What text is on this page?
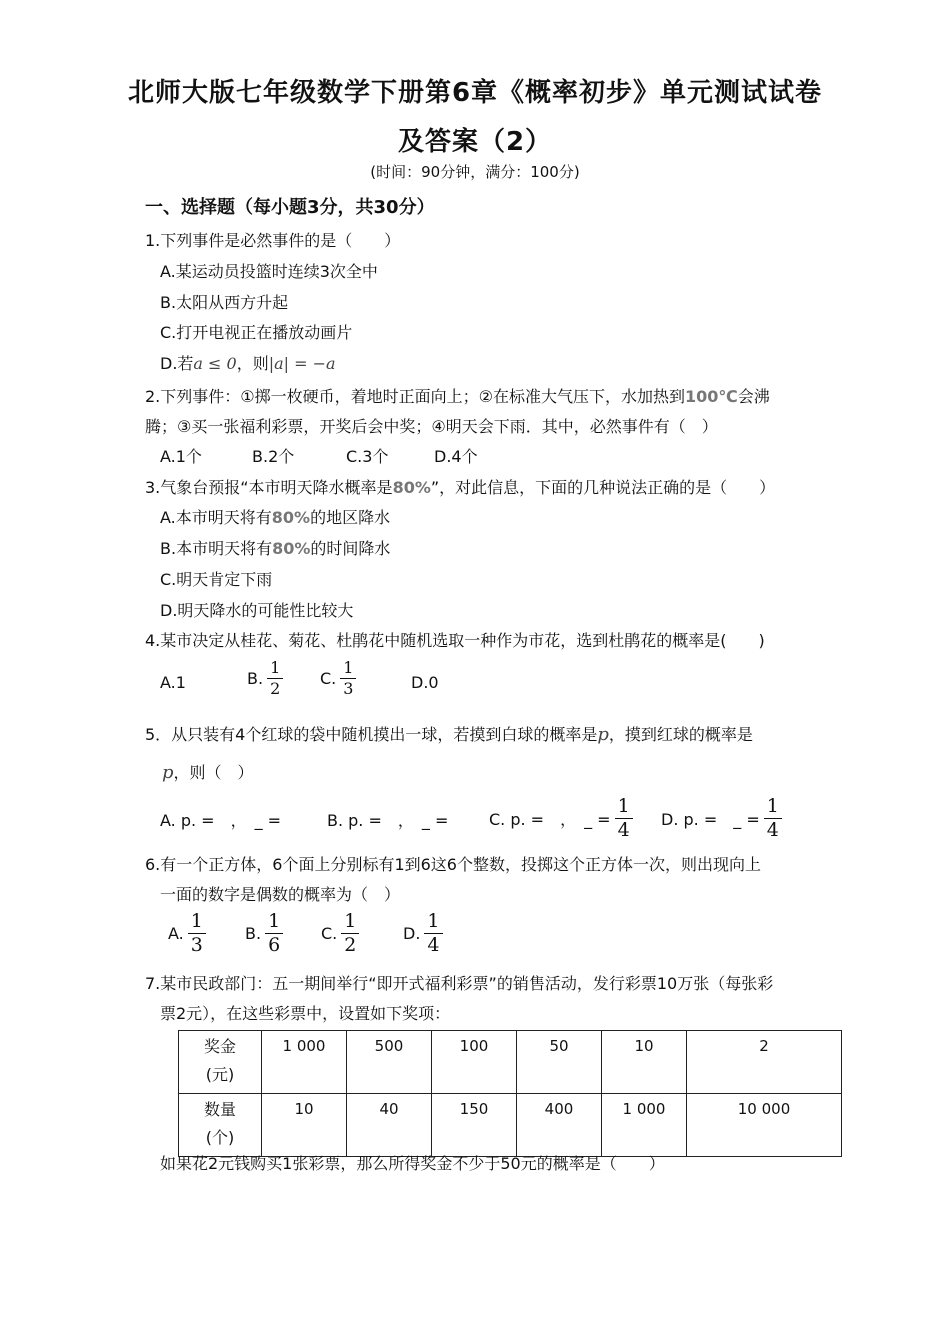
北师大版七年级数学下册第6章《概率初步》单元测试试卷
及答案（2）
(时间：90分钟，满分：100分)
一、选择题（每小题3分，共30分）
1.下列事件是必然事件的是（　　）
A.某运动员投篮时连续3次全中
B.太阳从西方升起
C.打开电视正在播放动画片
D.若a ≤ 0，则|a| = −a
2.下列事件：①掷一枚硬币，着地时正面向上；②在标准大气压下，水加热到100℃会沸
腾；③买一张福利彩票，开奖后会中奖；④明天会下雨．其中，必然事件有（　）
A.1个	B.2个	C.3个	D.4个
3.气象台预报“本市明天降水概率是80%”，对此信息，下面的几种说法正确的是（　　）
A.本市明天将有80%的地区降水
B.本市明天将有80%的时间降水
C.明天肯定下雨
D.明天降水的可能性比较大
4.某市决定从桂花、菊花、杜鹃花中随机选取一种作为市花，选到杜鹃花的概率是(　　)
A.1	B. $\frac{1}{2} C$. $\frac{1}{3}$	D.0
5．从只装有4个红球的袋中随机摸出一球，若摸到白球的概率是p，摸到红球的概率是
p，则（　）
A. p. =　，　_ =	B. p. =　，　_ =	C. p. =　，　_ = $\frac{1}{4} D$. p. =　_ = $\frac{1}{4}$
6.有一个正方体，6个面上分别标有1到6这6个整数，投掷这个正方体一次，则出现向上
一面的数字是偶数的概率为（　）
A. $\frac{1}{3} B$. $\frac{1}{6} C$. $\frac{1}{2}$	D. $\frac{1}{4}$
7.某市民政部门：五一期间举行“即开式福利彩票”的销售活动，发行彩票10万张（每张彩
票2元），在这些彩票中，设置如下奖项：
奖金
(元)	1 000	500	100	50	10	2
数量
(个)	10	40	150	400	1 000	10 000
如果花2元钱购买1张彩票，那么所得奖金不少于50元的概率是（　　）
